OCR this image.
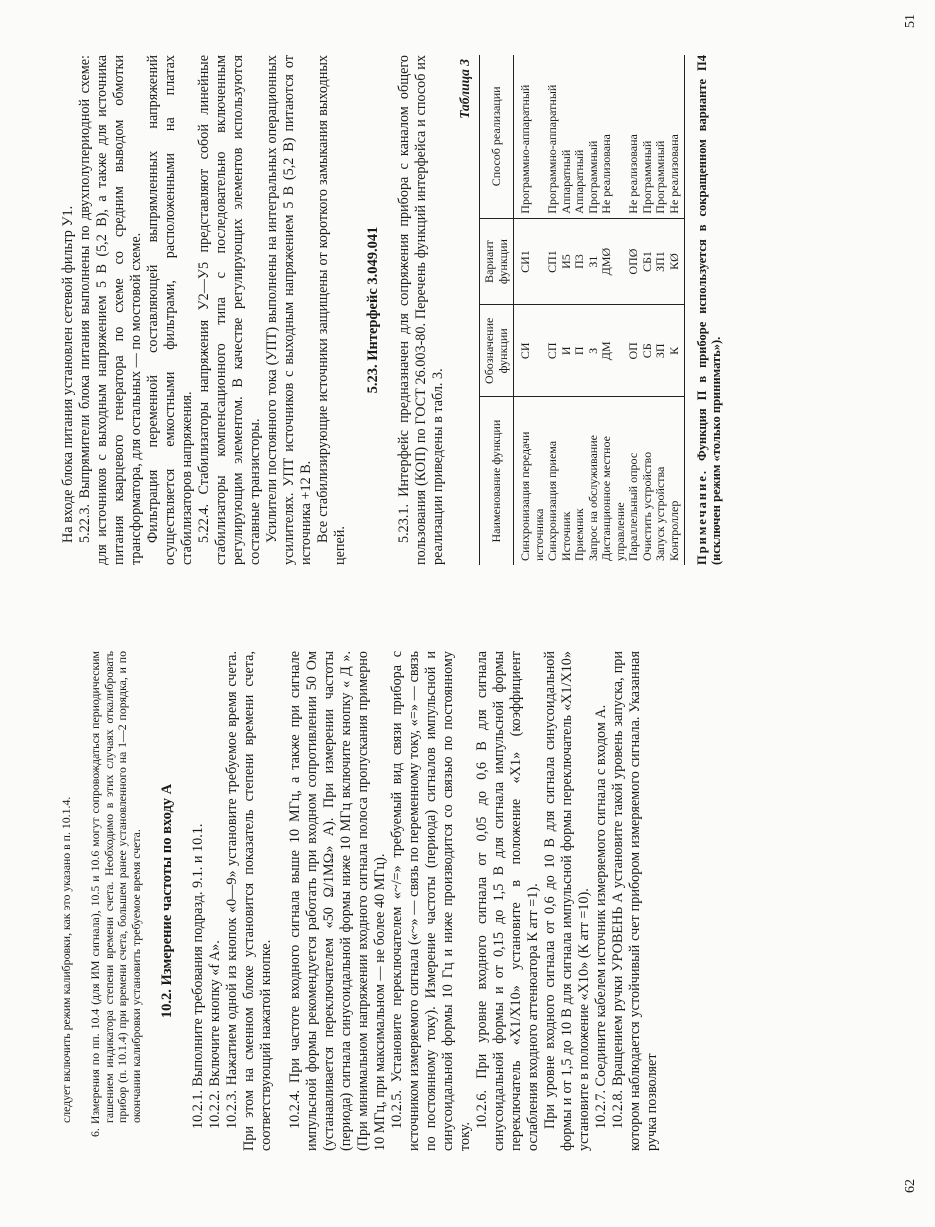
следует включить режим калибровки, как это указано в п. 10.1.4. 6. Измерения по пп. 10.4 (для ИМ сигнала), 10.5 и 10.6 могут сопровождаться периодическим гашением индикатора степени времени счета. Необходимо в этих случаях откалибровать прибор (п. 10.1.4) при времени счета, большем ранее установленного на 1—2 порядка, и по окончании калибровки установить требуемое время счета. 10.2. Измерение частоты по входу А 10.2.1. Выполните требования подразд. 9.1. и 10.1. 10.2.2. Включите кнопку «f A». 10.2.3. Нажатием одной из кнопок «0—9» установите требуемое время счета. При этом на сменном блоке установится показатель степени времени счета, соответствующий нажатой кнопке. 10.2.4. При частоте входного сигнала выше 10 МГц, а также при сигнале импульсной формы рекомендуется работать при входном сопротивлении 50 Ом (устанавливается переключателем «50 Ω/1MΩ» А). При измерении частоты (периода) сигнала синусоидальной формы ниже 10 МГц включите кнопку « Д ». (При минимальном напряжении входного сигнала полоса пропускания примерно 10 МГц, при максимальном — не более 40 МГц). 10.2.5. Установите переключателем «~/=» требуемый вид связи прибора с источником измеряемого сигнала («~» — связь по переменному току, «=» — связь по постоянному току). Измерение частоты (периода) сигналов импульсной и синусоидальной формы 10 Гц и ниже производится со связью по постоянному току.

10.2.6. При уровне входного сигнала от 0,05 до 0,6 В для сигнала синусоидальной формы и от 0,15 до 1,5 В для сигнала импульсной формы переключатель «X1/X10» установите в положение «X1» (коэффициент ослабления входного аттенюатора К атт =1). При уровне входного сигнала от 0,6 до 10 В для сигнала синусоидальной формы и от 1,5 до 10 В для сигнала импульсной формы переключатель «X1/X10» установите в положение «X10» (К атт =10). 10.2.7. Соедините кабелем источник измеряемого сигнала с входом А. 10.2.8. Вращением ручки УРОВЕНЬ А установите такой уровень запуска, при котором наблюдается устойчивый счет прибором измеряемого сигнала. Указанная ручка позволяет

62

На входе блока питания установлен сетевой фильтр У1. 5.22.3. Выпрямители блока питания выполнены по двухполупериодной схеме: для источников с выходным напряжением 5 В (5,2 В), а также для источника питания кварцевого генератора по схеме со средним выводом обмотки трансформатора, для остальных — по мостовой схеме. Фильтрация переменной составляющей выпрямленных напряжений осуществляется емкостными фильтрами, расположенными на платах стабилизаторов напряжения. 5.22.4. Стабилизаторы напряжения У2—У5 представляют собой линейные стабилизаторы компенсационного типа с последовательно включенным регулирующим элементом. В качестве регулирующих элементов используются составные транзисторы. Усилители постоянного тока (УПТ) выполнены на интегральных операционных усилителях. УПТ источников с выходным напряжением 5 В (5,2 В) питаются от источника +12 В. Все стабилизирующие источники защищены от короткого замыкания выходных цепей.

5.23. Интерфейс 3.049.041 5.23.1. Интерфейс предназначен для сопряжения прибора с каналом общего пользования (КОП) по ГОСТ 26.003-80. Перечень функций интерфейса и способ их реализации приведены в табл. 3.

Таблица 3
Наименование функции	Обозначение функции	Вариант функции	Способ реализации
Синхронизация передачи источника	СИ	СИ1	Программно-аппаратный
Синхронизация приема	СП	СП1	Программно-аппаратный
Источник	И	И5	Аппаратный
Приемник	П	П3	Аппаратный
Запрос на обслуживание	З	З1	Программный
Дистанционное местное управление	ДМ	ДМØ	Не реализована
Параллельный опрос	ОП	ОПØ	Не реализована
Очистить устройство	СБ	СБ1	Программный
Запуск устройства	ЗП	ЗП1	Программный
Контроллер	К	КØ	Не реализована

Примечание. Функция П в приборе используется в сокращенном варианте П4 (исключен режим «только принимать»).

51
